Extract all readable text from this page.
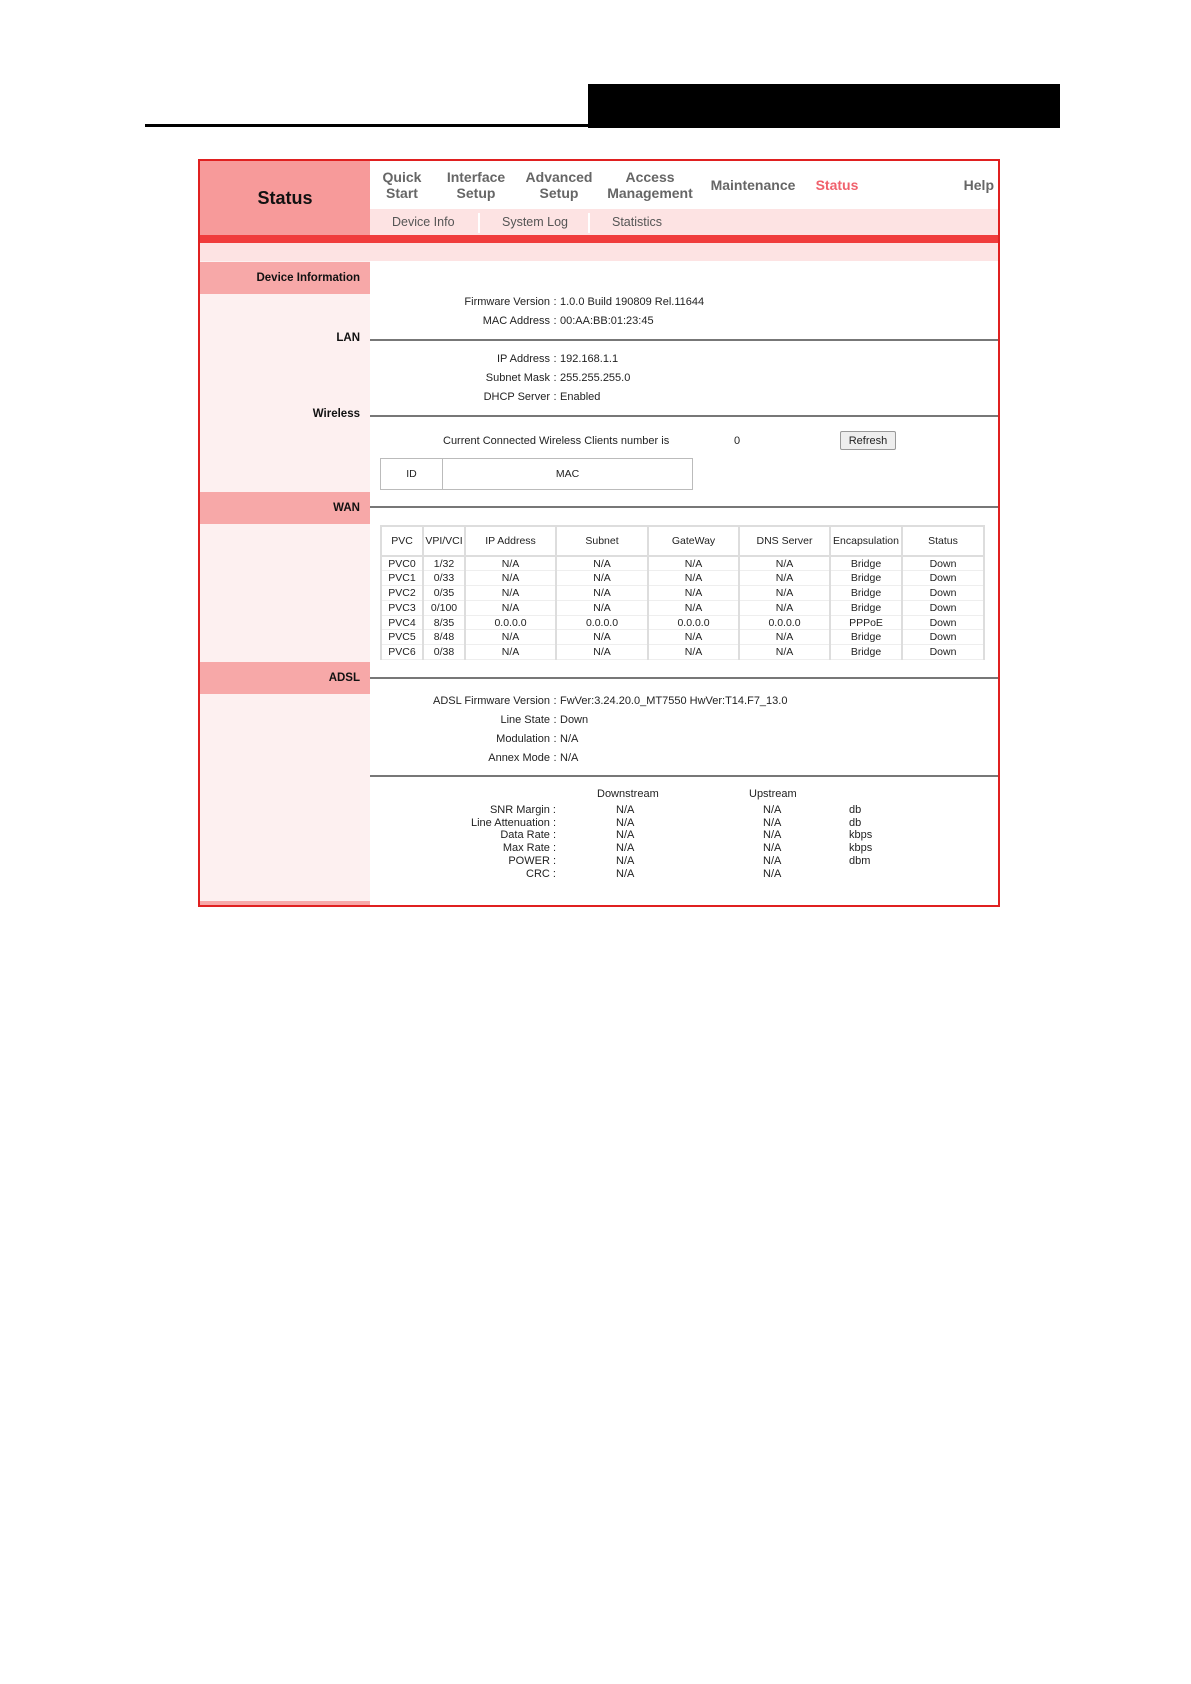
Status
Quick
Start
Interface
Setup
Advanced
Setup
Access
Management Maintenance Status	Help
Device Info	System Log	Statistics
Device Information
Firmware Version : 1.0.0 Build 190809 Rel.11644
MAC Address : 00:AA:BB:01:23:45
LAN
IP Address : 192.168.1.1
Subnet Mask : 255.255.255.0
DHCP Server : Enabled
Wireless
Current Connected Wireless Clients number is	0	Refresh
ID	MAC
WAN
PVC	VPI/VCI	IP Address	Subnet	GateWay	DNS Server	Encapsulation	Status
PVC0	1/32	N/A	N/A	N/A	N/A	Bridge	Down
PVC1	0/33	N/A	N/A	N/A	N/A	Bridge	Down
PVC2	0/35	N/A	N/A	N/A	N/A	Bridge	Down
PVC3	0/100	N/A	N/A	N/A	N/A	Bridge	Down
PVC4	8/35	0.0.0.0	0.0.0.0	0.0.0.0	0.0.0.0	PPPoE	Down
PVC5	8/48	N/A	N/A	N/A	N/A	Bridge	Down
PVC6	0/38	N/A	N/A	N/A	N/A	Bridge	Down
ADSL
ADSL Firmware Version : FwVer:3.24.20.0_MT7550 HwVer:T14.F7_13.0
Line State : Down
Modulation : N/A
Annex Mode : N/A
Downstream	Upstream
SNR Margin :	N/A	N/A	db
Line Attenuation :	N/A	N/A	db
Data Rate :	N/A	N/A	kbps
Max Rate :	N/A	N/A	kbps
POWER :	N/A	N/A	dbm
CRC :	N/A	N/A
